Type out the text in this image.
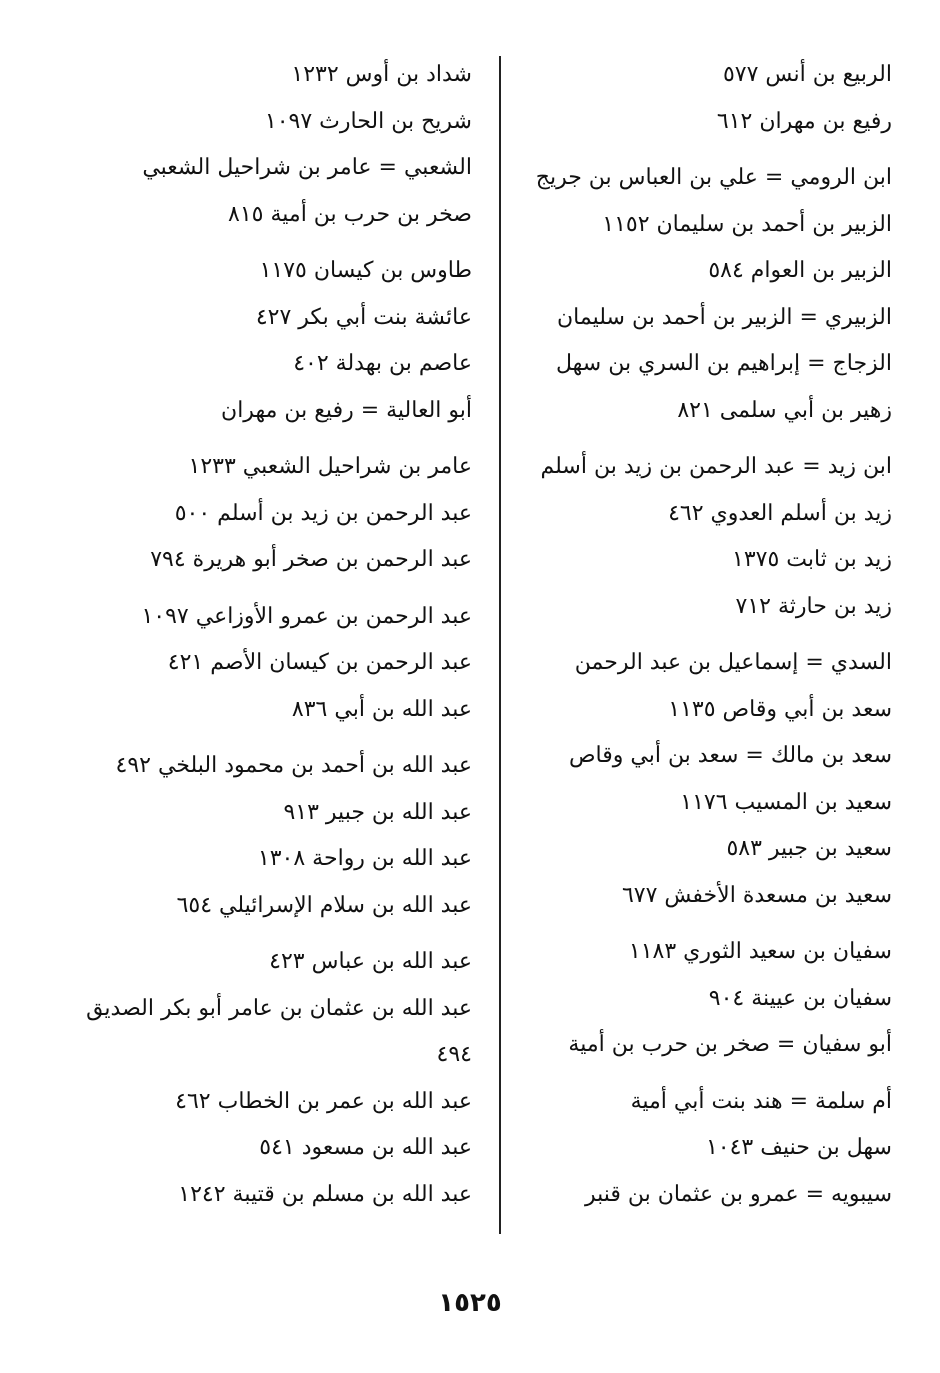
الربيع بن أنس ٥٧٧
رفيع بن مهران ٦١٢
ابن الرومي = علي بن العباس بن جريج
الزبير بن أحمد بن سليمان ١١٥٢
الزبير بن العوام ٥٨٤
الزبيري = الزبير بن أحمد بن سليمان
الزجاج = إبراهيم بن السري بن سهل
زهير بن أبي سلمى ٨٢١
ابن زيد = عبد الرحمن بن زيد بن أسلم
زيد بن أسلم العدوي ٤٦٢
زيد بن ثابت ١٣٧٥
زيد بن حارثة ٧١٢
السدي = إسماعيل بن عبد الرحمن
سعد بن أبي وقاص ١١٣٥
سعد بن مالك = سعد بن أبي وقاص
سعيد بن المسيب ١١٧٦
سعيد بن جبير ٥٨٣
سعيد بن مسعدة الأخفش ٦٧٧
سفيان بن سعيد الثوري ١١٨٣
سفيان بن عيينة ٩٠٤
أبو سفيان = صخر بن حرب بن أمية
أم سلمة = هند بنت أبي أمية
سهل بن حنيف ١٠٤٣
سيبويه = عمرو بن عثمان بن قنبر
شداد بن أوس ١٢٣٢
شريح بن الحارث ١٠٩٧
الشعبي = عامر بن شراحيل الشعبي
صخر بن حرب بن أمية ٨١٥
طاوس بن كيسان ١١٧٥
عائشة بنت أبي بكر ٤٢٧
عاصم بن بهدلة ٤٠٢
أبو العالية = رفيع بن مهران
عامر بن شراحيل الشعبي ١٢٣٣
عبد الرحمن بن زيد بن أسلم ٥٠٠
عبد الرحمن بن صخر أبو هريرة ٧٩٤
عبد الرحمن بن عمرو الأوزاعي ١٠٩٧
عبد الرحمن بن كيسان الأصم ٤٢١
عبد الله بن أبي ٨٣٦
عبد الله بن أحمد بن محمود البلخي ٤٩٢
عبد الله بن جبير ٩١٣
عبد الله بن رواحة ١٣٠٨
عبد الله بن سلام الإسرائيلي ٦٥٤
عبد الله بن عباس ٤٢٣
عبد الله بن عثمان بن عامر أبو بكر الصديق
٤٩٤
عبد الله بن عمر بن الخطاب ٤٦٢
عبد الله بن مسعود ٥٤١
عبد الله بن مسلم بن قتيبة ١٢٤٢
١٥٢٥
